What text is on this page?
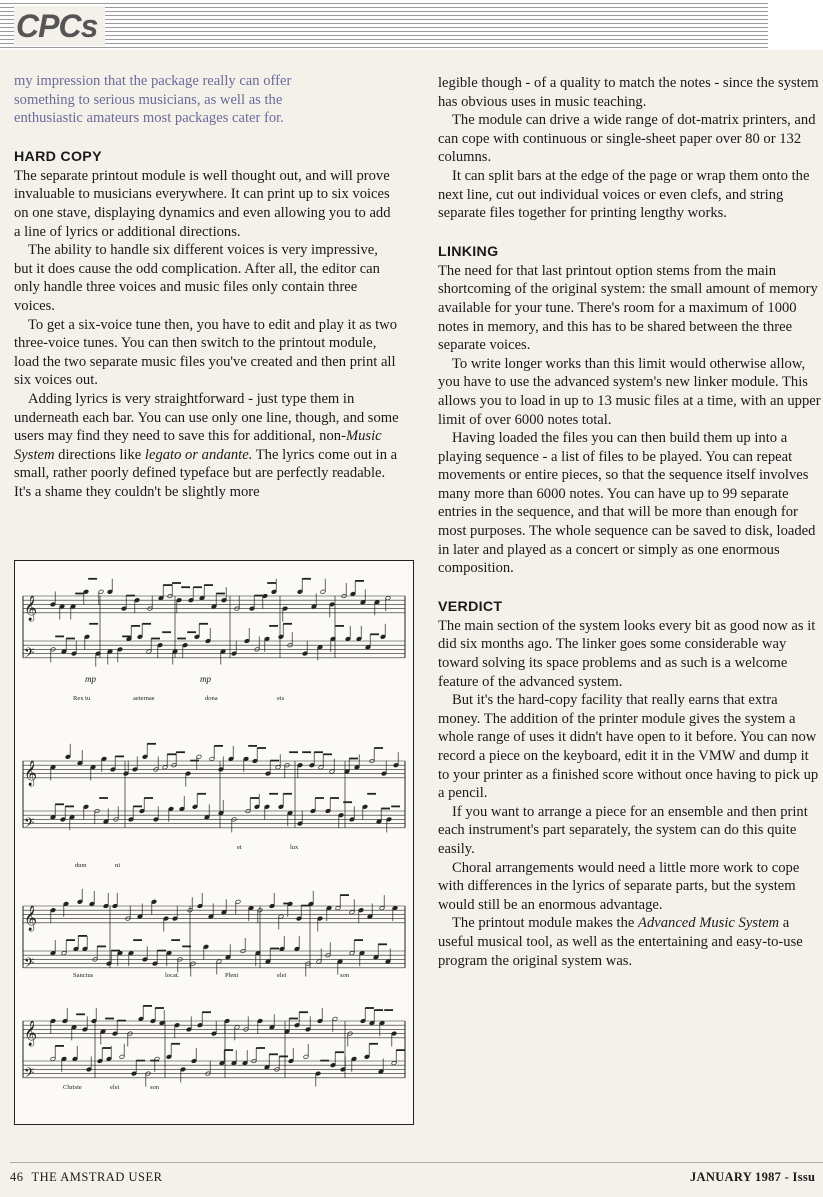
CPCs

my impression that the package really can offer
something to serious musicians, as well as the
enthusiastic amateurs most packages cater for.

HARD COPY

The separate printout module is well thought out, and will prove invaluable to musicians everywhere. It can print up to six voices on one stave, displaying dynamics and even allowing you to add a line of lyrics or additional directions.

The ability to handle six different voices is very impressive, but it does cause the odd complication. After all, the editor can only handle three voices and music files only contain three voices.

To get a six-voice tune then, you have to edit and play it as two three-voice tunes. You can then switch to the printout module, load the two separate music files you've created and then print all six voices out.

Adding lyrics is very straightforward - just type them in underneath each bar. You can use only one line, though, and some users may find they need to save this for additional, non-Music System directions like legato or andante. The lyrics come out in a small, rather poorly defined typeface but are perfectly readable. It's a shame they couldn't be slightly more

𝄞
𝄢
𝄞
𝄢
𝄞
𝄢
𝄞
𝄢
mp	mp
Rex tu	aeternae	dona	eis
dum	ni
et	lux
Sanctus	locat.	Pleni	elei	son
Christe	elei	son

legible though - of a quality to match the notes - since the system has obvious uses in music teaching.

The module can drive a wide range of dot-matrix printers, and can cope with continuous or single-sheet paper over 80 or 132 columns.

It can split bars at the edge of the page or wrap them onto the next line, cut out individual voices or even clefs, and string separate files together for printing lengthy works.

LINKING

The need for that last printout option stems from the main shortcoming of the original system: the small amount of memory available for your tune. There's room for a maximum of 1000 notes in memory, and this has to be shared between the three separate voices.

To write longer works than this limit would otherwise allow, you have to use the advanced system's new linker module. This allows you to load in up to 13 music files at a time, with an upper limit of over 6000 notes total.

Having loaded the files you can then build them up into a playing sequence - a list of files to be played. You can repeat movements or entire pieces, so that the sequence itself involves many more than 6000 notes. You can have up to 99 separate entries in the sequence, and that will be more than enough for most purposes. The whole sequence can be saved to disk, loaded in later and played as a concert or simply as one enormous composition.

VERDICT

The main section of the system looks every bit as good now as it did six months ago. The linker goes some considerable way toward solving its space problems and as such is a welcome feature of the advanced system.

But it's the hard-copy facility that really earns that extra money. The addition of the printer module gives the system a whole range of uses it didn't have open to it before. You can now record a piece on the keyboard, edit it in the VMW and dump it to your printer as a finished score without once having to pick up a pencil.

If you want to arrange a piece for an ensemble and then print each instrument's part separately, the system can do this quite easily.

Choral arrangements would need a little more work to cope with differences in the lyrics of separate parts, but the system would still be an enormous advantage.

The printout module makes the Advanced Music System a useful musical tool, as well as the entertaining and easy-to-use program the original system was.

46 THE AMSTRAD USER	JANUARY 1987 - Issu
